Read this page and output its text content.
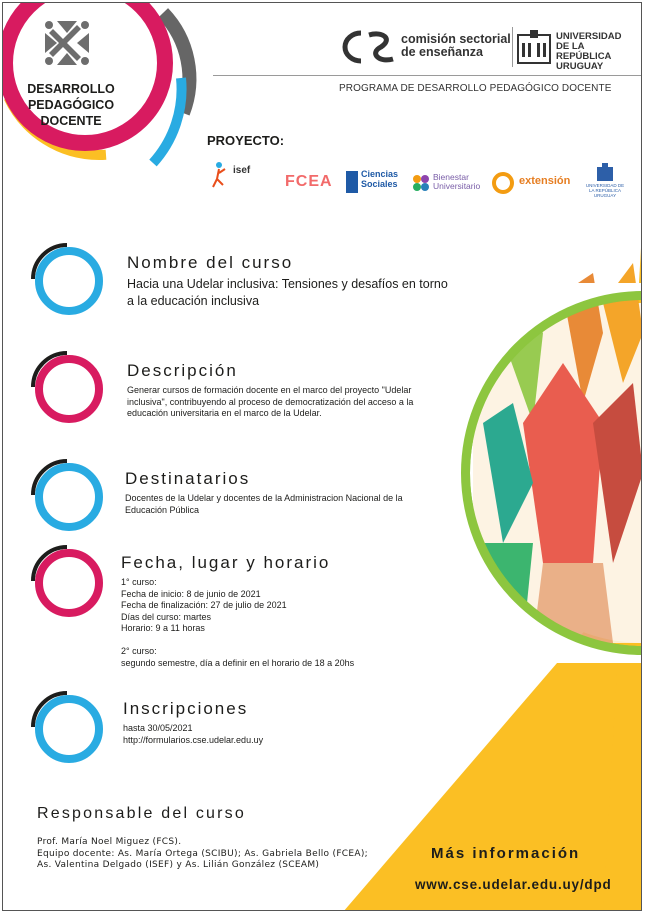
DESARROLLO
PEDAGÓGICO
DOCENTE
comisión sectorial
de enseñanza
UNIVERSIDAD
DE LA REPÚBLICA
URUGUAY
PROGRAMA DE DESARROLLO PEDAGÓGICO DOCENTE
PROYECTO:
isef
FCEA	Ciencias Sociales
Bienestar Universitario	extensión	UNIVERSIDAD DE LA REPÚBLICA URUGUAY
Nombre del curso
Hacia una Udelar inclusiva: Tensiones y desafíos en torno
a la educación inclusiva
Descripción
Generar cursos de formación docente en el marco del proyecto "Udelar
inclusiva", contribuyendo al proceso de democratización del acceso a la
educación universitaria en el marco de la Udelar.
Destinatarios
Docentes de la Udelar y docentes de la Administracion Nacional de la
Educación Pública
Fecha, lugar y horario
1° curso:
Fecha de inicio: 8 de junio de 2021
Fecha de finalización: 27 de julio de 2021
Días del curso: martes
Horario: 9 a 11 horas
2° curso:
segundo semestre, día a definir en el horario de 18 a 20hs
Inscripciones
hasta 30/05/2021
http://formularios.cse.udelar.edu.uy
Responsable del curso
Prof. María Noel Miguez (FCS).
Equipo docente: As. María Ortega (SCIBU); As. Gabriela Bello (FCEA);
As. Valentina Delgado (ISEF) y As. Lilián González (SCEAM)
Más información
www.cse.udelar.edu.uy/dpd
